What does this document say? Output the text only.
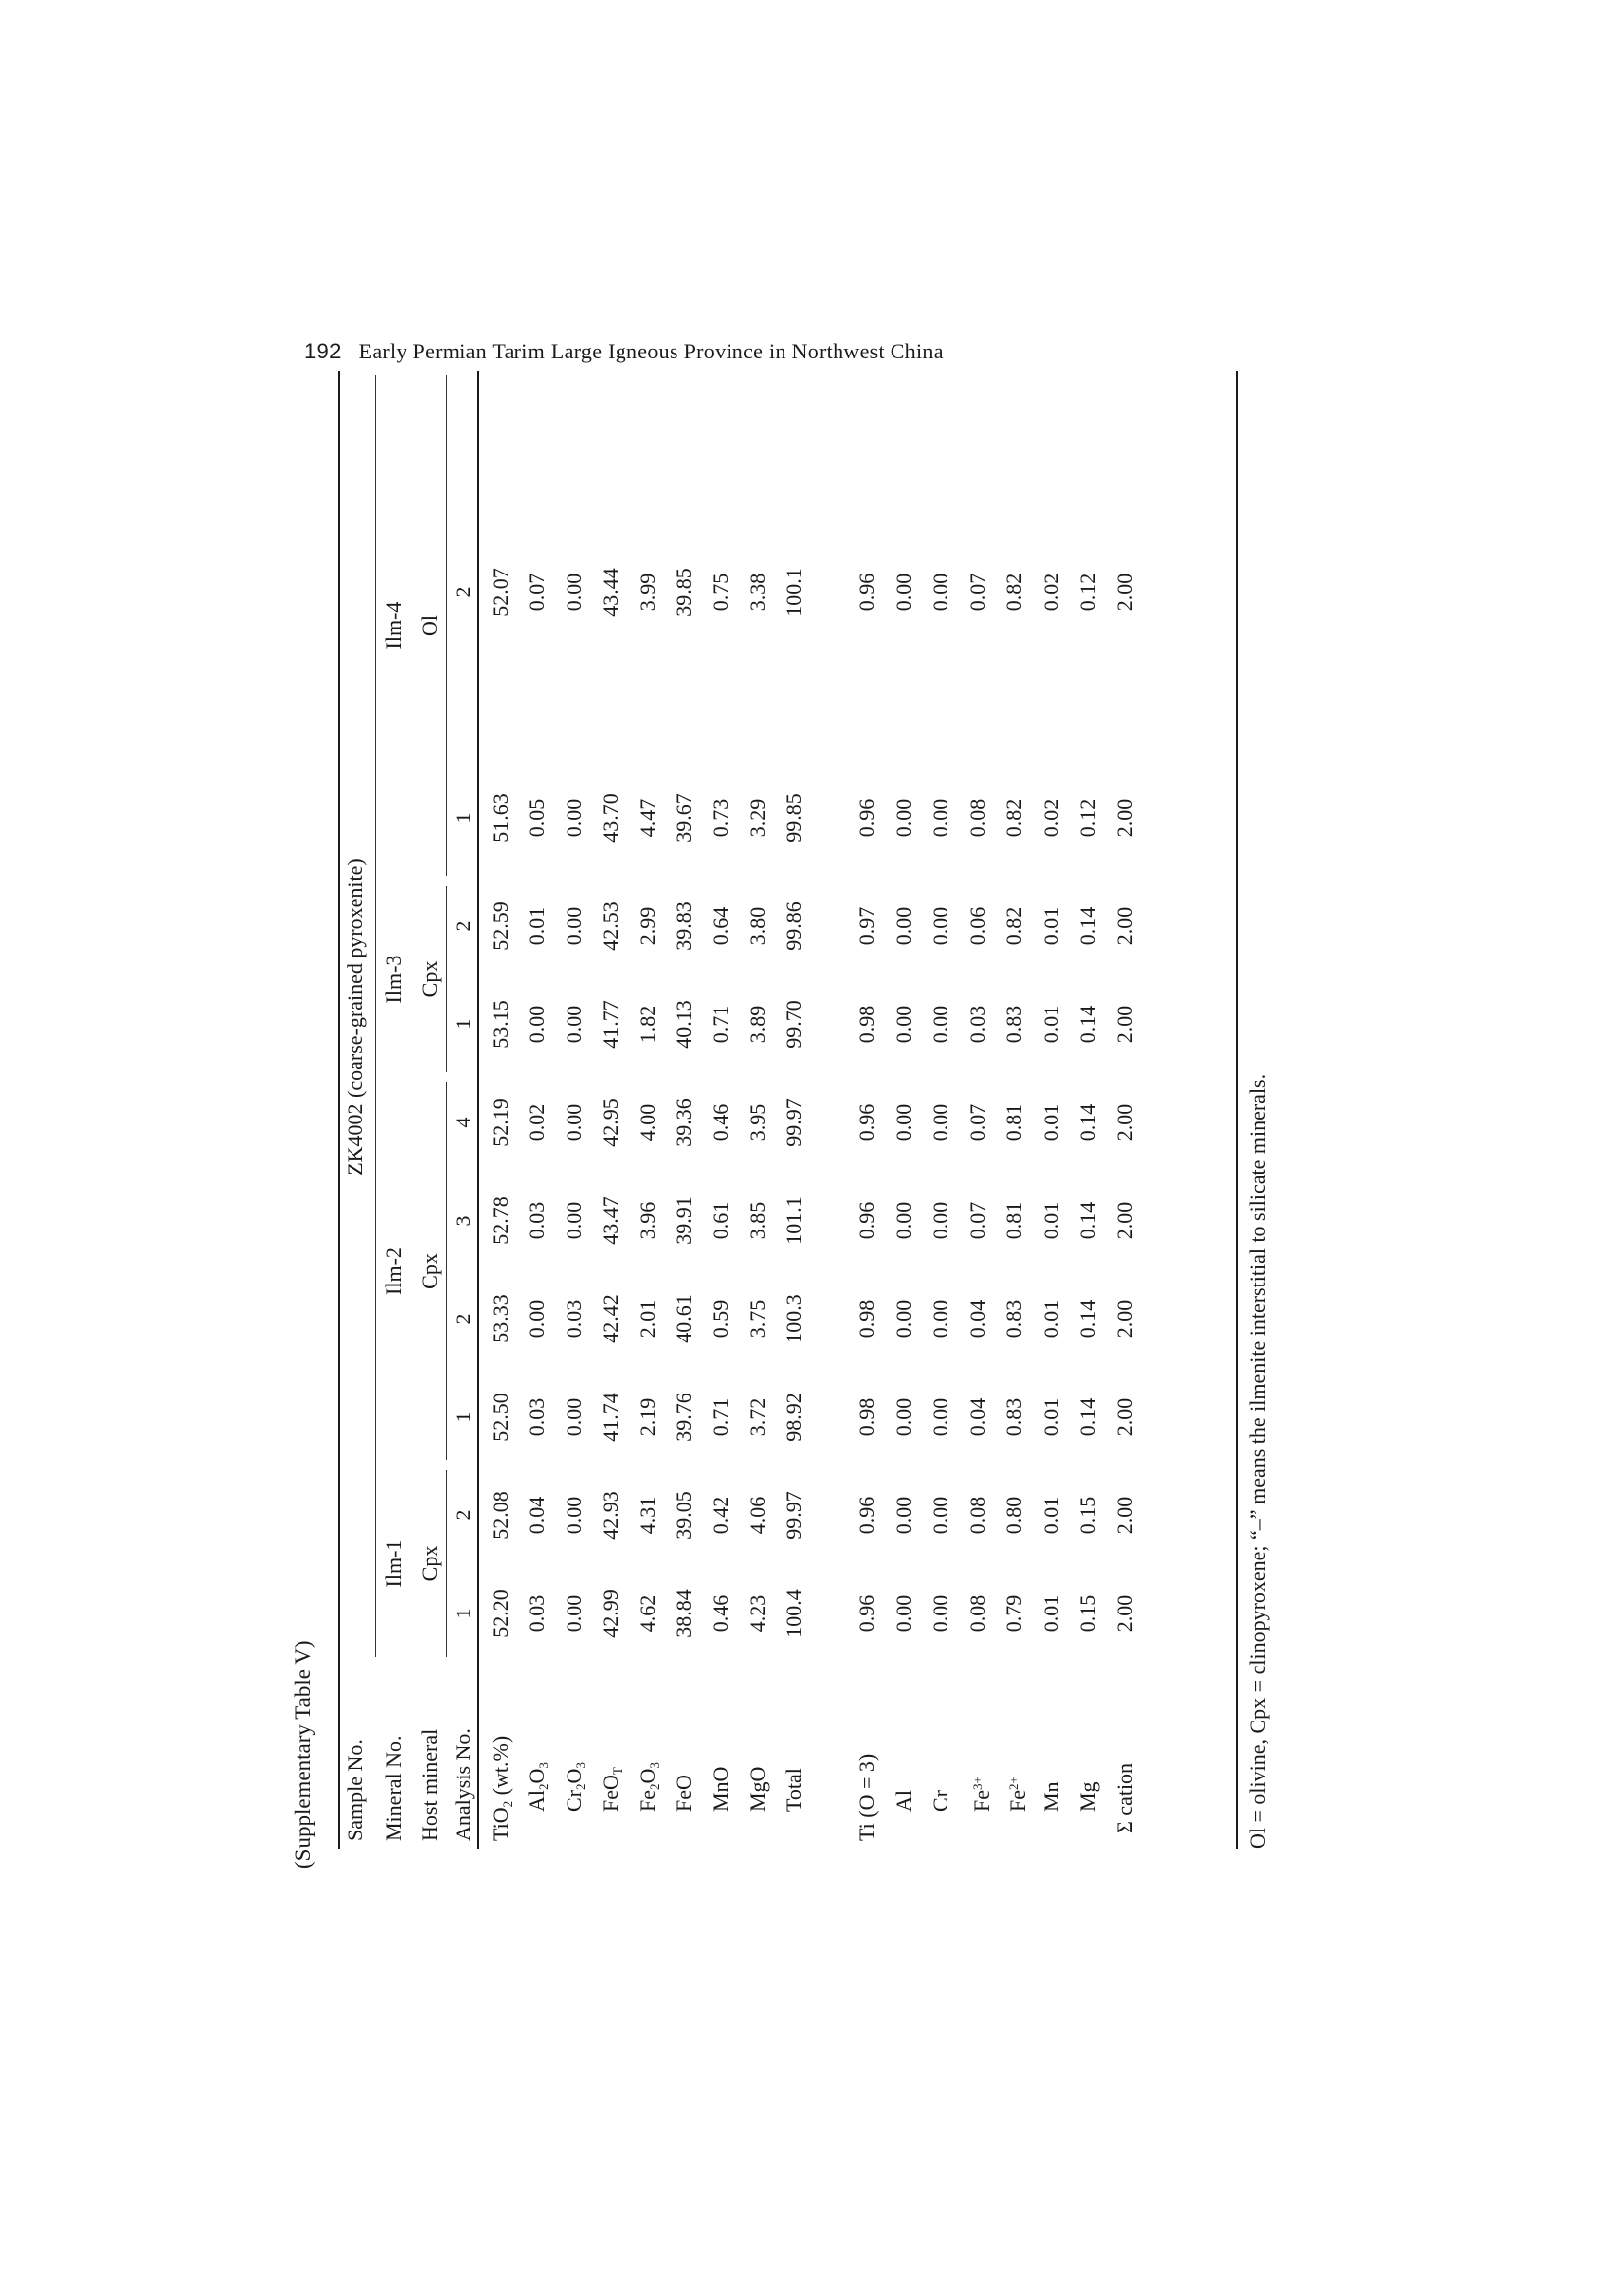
192 Early Permian Tarim Large Igneous Province in Northwest China
(Supplementary Table V) Sample No.
ZK4002 (coarse-grained pyroxenite)
Mineral No. Host mineral Analysis No.
Ilm-1 Cpx
Ilm-2 Cpx
Ilm-3 Cpx
Ilm-4 Ol
1
2
1
2
3
4
1
2
1
2
TiO$_2$ (wt.%)
52.20
52.08
52.50
53.33
52.78
52.19
53.15
52.59
51.63
52.07
$Al_2O_3$
0.03
0.04
0.03
0.00
0.03
0.02
0.00
0.01
0.05
0.07
$Cr_2O_3$
0.00
0.00
0.00
0.03
0.00
0.00
0.00
0.00
0.00
0.00
FeO$_T$
42.99
42.93
41.74
42.42
43.47
42.95
41.77
42.53
43.70
43.44
$Fe_2O_3$
4.62
4.31
2.19
2.01
3.96
4.00
1.82
2.99
4.47
3.99
FeO
38.84
39.05
39.76
40.61
39.91
39.36
40.13
39.83
39.67
39.85
MnO
0.46
0.42
0.71
0.59
0.61
0.46
0.71
0.64
0.73
0.75
MgO
4.23
4.06
3.72
3.75
3.85
3.95
3.89
3.80
3.29
3.38
Total
100.4
99.97
98.92
100.3
101.1
99.97
99.70
99.86
99.85
100.1
Ti (O = 3)
0.96
0.96
0.98
0.98
0.96
0.96
0.98
0.97
0.96
0.96
Al
0.00
0.00
0.00
0.00
0.00
0.00
0.00
0.00
0.00
0.00
Cr
0.00
0.00
0.00
0.00
0.00
0.00
0.00
0.00
0.00
0.00
$Fe^{3+}$
0.08
0.08
0.04
0.04
0.07
0.07
0.03
0.06
0.08
0.07
$Fe^{2+}$
0.79
0.80
0.83
0.83
0.81
0.81
0.83
0.82
0.82
0.82
Mn
0.01
0.01
0.01
0.01
0.01
0.01
0.01
0.01
0.02
0.02
Mg
0.15
0.15
0.14
0.14
0.14
0.14
0.14
0.14
0.12
0.12
Σ cation
2.00
2.00
2.00
2.00
2.00
2.00
2.00
2.00
2.00
2.00
Ol = olivine, Cpx = clinopyroxene; “–” means the ilmenite interstitial to silicate minerals.
